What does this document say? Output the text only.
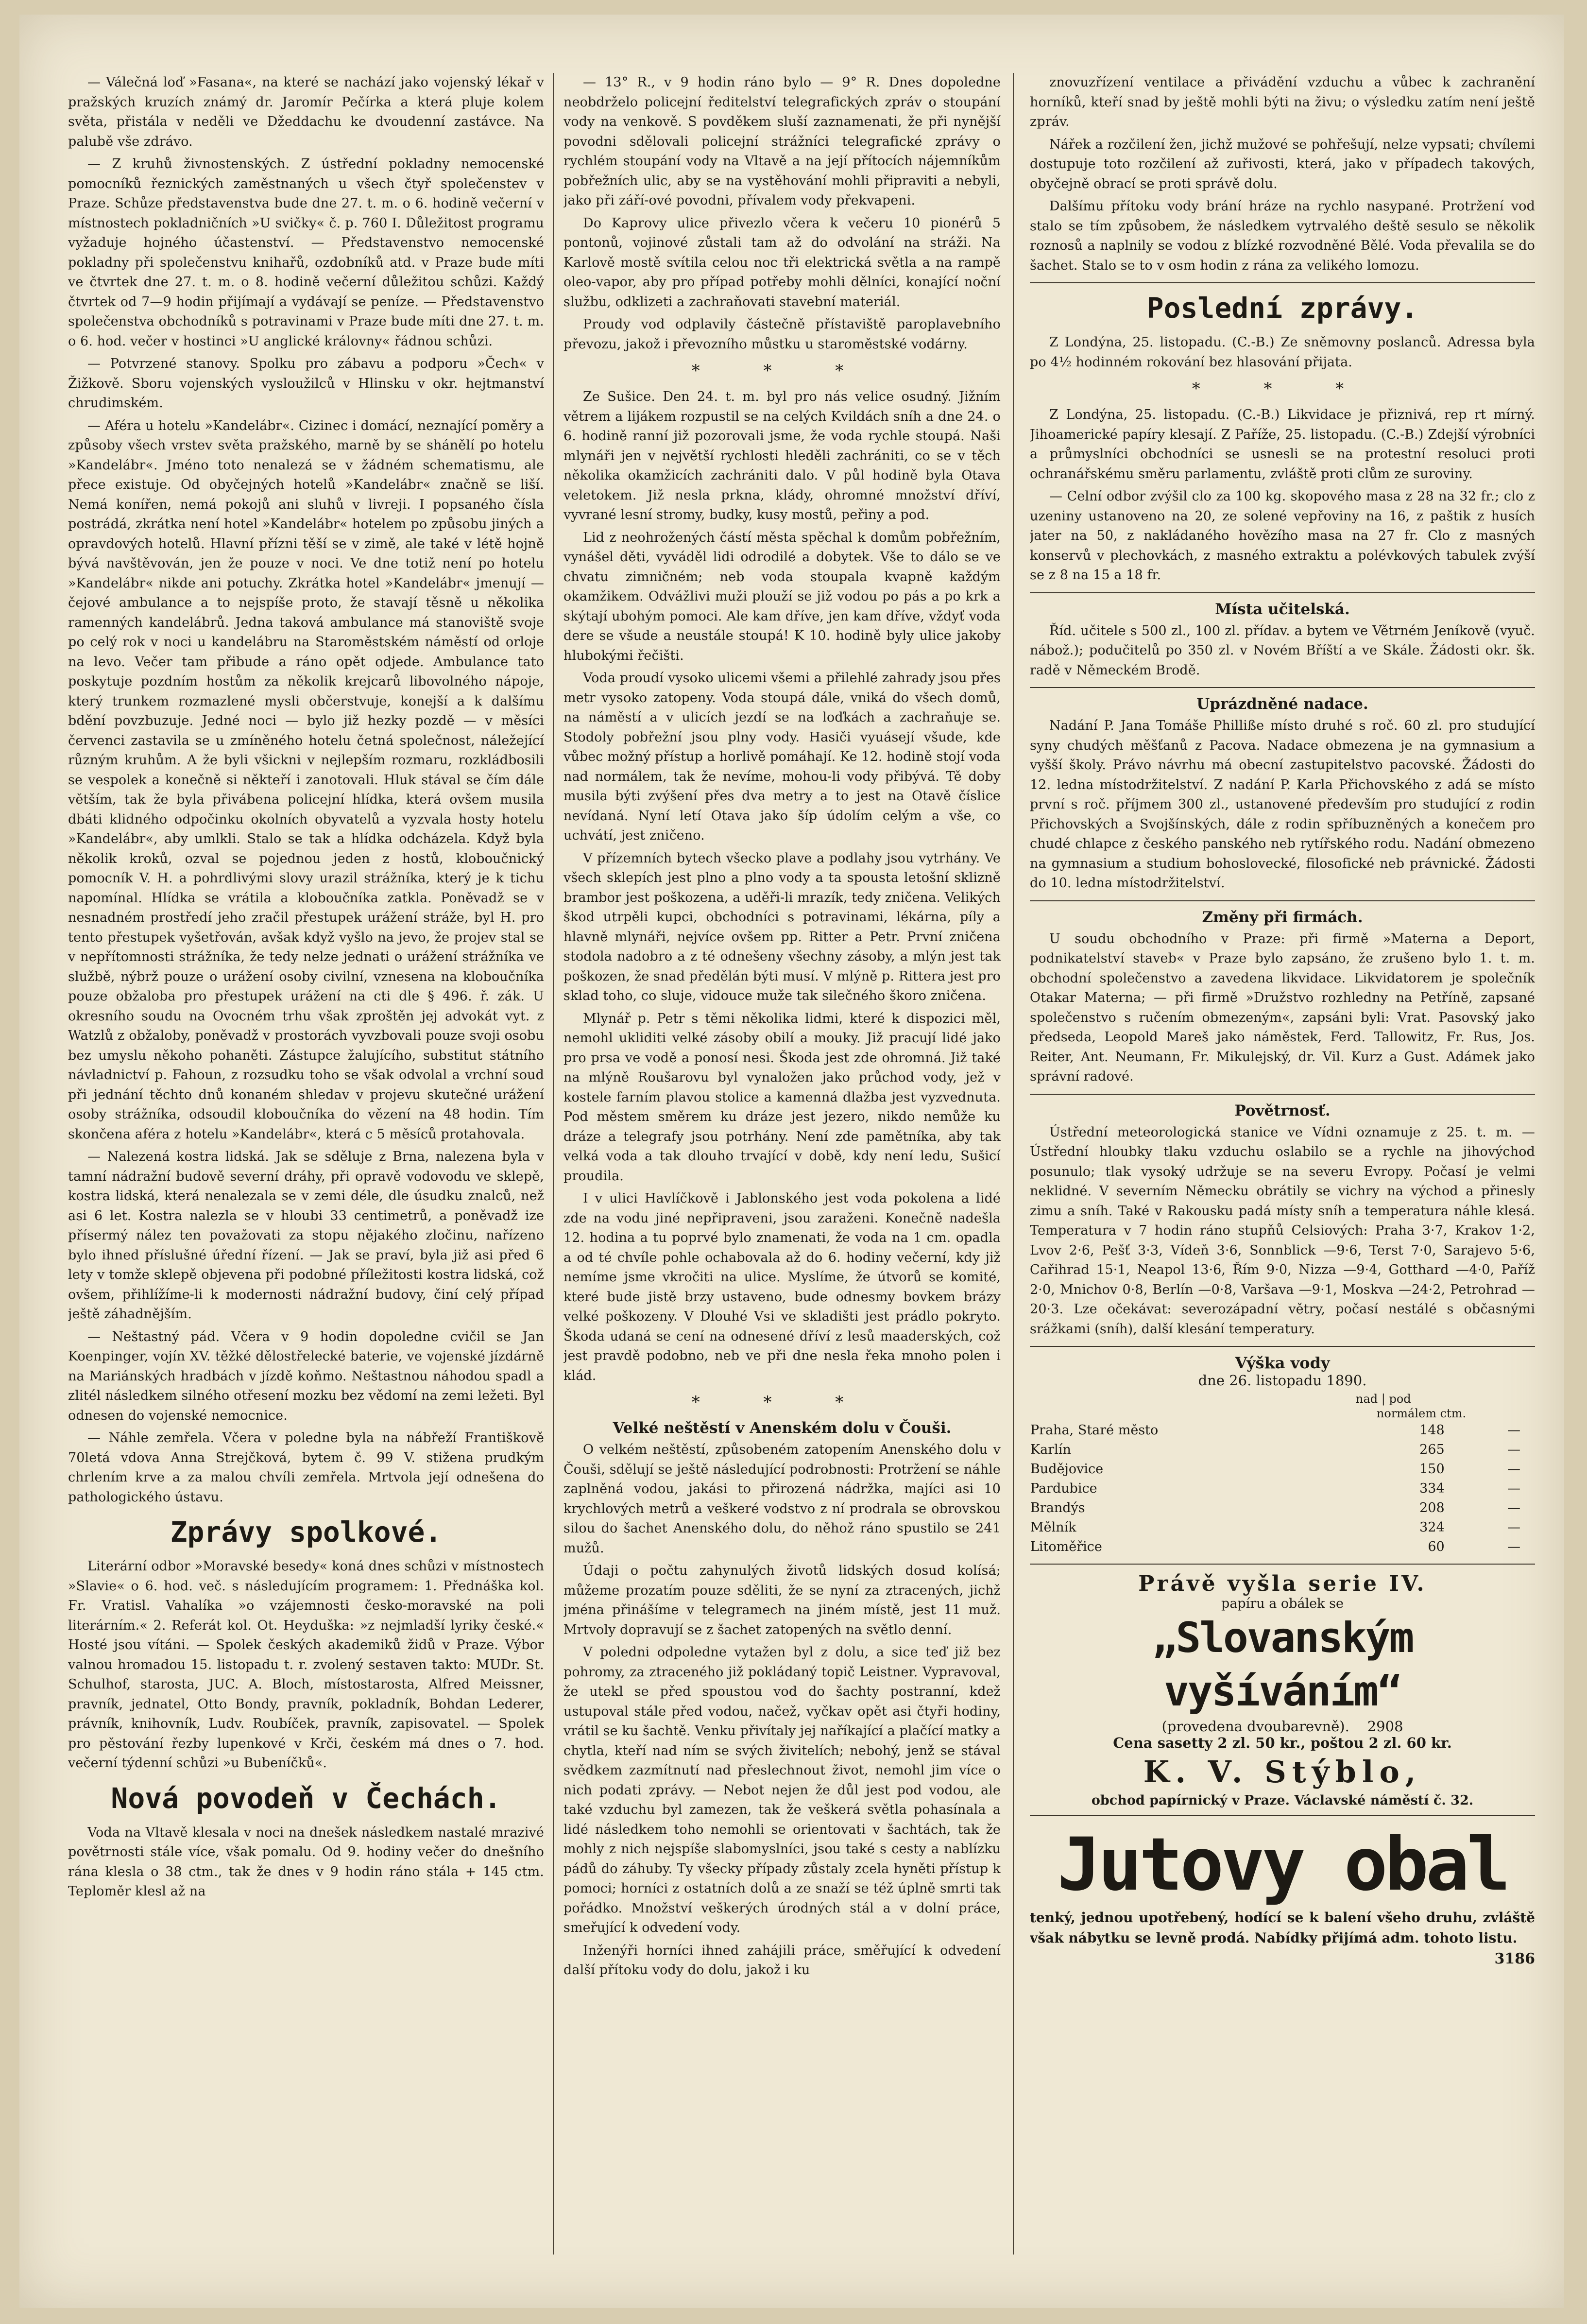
— Válečná loď »Fasana«, na které se nachází jako vojenský lékař v pražských kruzích známý dr. Jaromír Pečírka a která pluje kolem světa, přistála v neděli ve Džeddachu ke dvoudenní zastávce. Na palubě vše zdrávo.

— Z kruhů živnostenských. Z ústřední pokladny nemocenské pomocníků řeznických zaměstnaných u všech čtyř společenstev v Praze. Schůze představenstva bude dne 27. t. m. o 6. hodině večerní v místnostech pokladničních »U svičky« č. p. 760 I. Důležitost programu vyžaduje hojného účastenství. — Představenstvo nemocenské pokladny při společenstvu knihařů, ozdobníků atd. v Praze bude míti ve čtvrtek dne 27. t. m. o 8. hodině večerní důležitou schůzi. Každý čtvrtek od 7—9 hodin přijímají a vydávají se peníze. — Představenstvo společenstva obchodníků s potravinami v Praze bude míti dne 27. t. m. o 6. hod. večer v hostinci »U anglické královny« řádnou schůzi.

— Potvrzené stanovy. Spolku pro zábavu a podporu »Čech« v Žižkově. Sboru vojenských vysloužilců v Hlinsku v okr. hejtmanství chrudimském.

— Aféra u hotelu »Kandelábr«. Cizinec i domácí, neznající poměry a způsoby všech vrstev světa pražského, marně by se shánělí po hotelu »Kandelábr«. Jméno toto nenalezá se v žádném schematismu, ale přece existuje. Od obyčejných hotelů »Kandelábr« značně se liší. Nemá konířen, nemá pokojů ani sluhů v livreji. I popsaného čísla postrádá, zkrátka není hotel »Kandelábr« hotelem po způsobu jiných a opravdových hotelů. Hlavní přízni těší se v zimě, ale také v létě hojně bývá navštěvován, jen že pouze v noci. Ve dne totiž není po hotelu »Kandelábr« nikde ani potuchy. Zkrátka hotel »Kandelábr« jmenují — čejové ambulance a to nejspíše proto, že stavají těsně u několika ramenných kandelábrů. Jedna taková ambulance má stanoviště svoje po celý rok v noci u kandelábru na Staroměstském náměstí od orloje na levo. Večer tam přibude a ráno opět odjede. Ambulance tato poskytuje pozdním hostům za několik krejcarů libovolného nápoje, který trunkem rozmazlené mysli občerstvuje, konejší a k dalšímu bdění povzbuzuje. Jedné noci — bylo již hezky pozdě — v měsíci červenci zastavila se u zmíněného hotelu četná společnost, náležející různým kruhům. A že byli všickni v nejlepším rozmaru, rozkládbosili se vespolek a konečně si někteří i zanotovali. Hluk stával se čím dále větším, tak že byla přivábena policejní hlídka, která ovšem musila dbáti klidného odpočinku okolních obyvatelů a vyzvala hosty hotelu »Kandelábr«, aby umlkli. Stalo se tak a hlídka odcházela. Když byla několik kroků, ozval se pojednou jeden z hostů, kloboučnický pomocník V. H. a pohrdlivými slovy urazil strážníka, který je k tichu napomínal. Hlídka se vrátila a kloboučníka zatkla. Poněvadž se v nesnadném prostředí jeho zračil přestupek urážení stráže, byl H. pro tento přestupek vyšetřován, avšak když vyšlo na jevo, že projev stal se v nepřítomnosti strážníka, že tedy nelze jednati o urážení strážníka ve službě, nýbrž pouze o urážení osoby civilní, vznesena na kloboučníka pouze obžaloba pro přestupek urážení na cti dle § 496. ř. zák. U okresního soudu na Ovocném trhu však zproštěn jej advokát vyt. z Watzlů z obžaloby, poněvadž v prostorách vyvzbovali pouze svoji osobu bez umyslu někoho pohaněti. Zástupce žalujícího, substitut státního návladnictví p. Fahoun, z rozsudku toho se však odvolal a vrchní soud při jednání těchto dnů konaném shledav v projevu skutečné urážení osoby strážníka, odsoudil kloboučníka do vězení na 48 hodin. Tím skončena aféra z hotelu »Kandelábr«, která c 5 měsíců protahovala.

— Nalezená kostra lidská. Jak se sděluje z Brna, nalezena byla v tamní nádražní budově severní dráhy, při opravě vodovodu ve sklepě, kostra lidská, která nenalezala se v zemi déle, dle úsudku znalců, než asi 6 let. Kostra nalezla se v hloubi 33 centimetrů, a poněvadž ize přísermý nález ten považovati za stopu nějakého zločinu, nařízeno bylo ihned příslušné úřední řízení. — Jak se praví, byla již asi před 6 lety v tomže sklepě objevena při podobné příležitosti kostra lidská, což ovšem, přihlížíme-li k modernosti nádražní budovy, činí celý případ ještě záhadnějším.

— Neštastný pád. Včera v 9 hodin dopoledne cvičil se Jan Koenpinger, vojín XV. těžké dělostřelecké baterie, ve vojenské jízdárně na Mariánských hradbách v jízdě koňmo. Neštastnou náhodou spadl a zlitél následkem silného otřesení mozku bez vědomí na zemi ležeti. Byl odnesen do vojenské nemocnice.

— Náhle zemřela. Včera v poledne byla na nábřeží Františkově 70letá vdova Anna Strejčková, bytem č. 99 V. stižena prudkým chrlením krve a za malou chvíli zemřela. Mrtvola její odnešena do pathologického ústavu.

Zprávy spolkové.

Literární odbor »Moravské besedy« koná dnes schůzi v místnostech »Slavie« o 6. hod. več. s následujícím programem: 1. Přednáška kol. Fr. Vratisl. Vahalíka »o vzájemnosti česko-moravské na poli literárním.« 2. Referát kol. Ot. Heyduška: »z nejmladší lyriky české.« Hosté jsou vítáni. — Spolek českých akademiků židů v Praze. Výbor valnou hromadou 15. listopadu t. r. zvolený sestaven takto: MUDr. St. Schulhof, starosta, JUC. A. Bloch, místostarosta, Alfred Meissner, pravník, jednatel, Otto Bondy, pravník, pokladník, Bohdan Lederer, právník, knihovník, Ludv. Roubíček, pravník, zapisovatel. — Spolek pro pěstování řezby lupenkové v Krči, českém má dnes o 7. hod. večerní týdenní schůzi »u Bubeníčků«.

Nová povodeň v Čechách.

Voda na Vltavě klesala v noci na dnešek následkem nastalé mrazivé povětrnosti stále více, však pomalu. Od 9. hodiny večer do dnešního rána klesla o 38 ctm., tak že dnes v 9 hodin ráno stála + 145 ctm. Teploměr klesl až na

— 13° R., v 9 hodin ráno bylo — 9° R. Dnes dopoledne neobdrželo policejní ředitelství telegrafických zpráv o stoupání vody na venkově. S povděkem sluší zaznamenati, že při nynější povodni sdělovali policejní strážníci telegrafické zprávy o rychlém stoupání vody na Vltavě a na její přítocích nájemníkům pobřežních ulic, aby se na vystěhování mohli připraviti a nebyli, jako při září-ové povodni, přívalem vody překvapeni.

Do Kaprovy ulice přivezlo včera k večeru 10 pionérů 5 pontonů, vojinové zůstali tam až do odvolání na stráži. Na Karlově mostě svítila celou noc tři elektrická světla a na rampě oleo-vapor, aby pro případ potřeby mohli dělníci, konající noční službu, odklizeti a zachraňovati stavební materiál.

Proudy vod odplavily částečně přístaviště paroplavebního převozu, jakož i převozního můstku u staroměstské vodárny.

* * *

Ze Sušice. Den 24. t. m. byl pro nás velice osudný. Jižním větrem a lijákem rozpustil se na celých Kvildách sníh a dne 24. o 6. hodině ranní již pozorovali jsme, že voda rychle stoupá. Naši mlynáři jen v největší rychlosti hleděli zachrániti, co se v těch několika okamžicích zachrániti dalo. V půl hodině byla Otava veletokem. Již nesla prkna, klády, ohromné množství dříví, vyvrané lesní stromy, budky, kusy mostů, peřiny a pod.

Lid z neohrožených částí města spěchal k domům pobřežním, vynášel děti, vyváděl lidi odrodilé a dobytek. Vše to dálo se ve chvatu zimničném; neb voda stoupala kvapně každým okamžikem. Odvážlivi muži plouží se již vodou po pás a po krk a skýtají ubohým pomoci. Ale kam dříve, jen kam dříve, vždyť voda dere se všude a neustále stoupá! K 10. hodině byly ulice jakoby hlubokými řečišti.

Voda proudí vysoko ulicemi všemi a přilehlé zahrady jsou přes metr vysoko zatopeny. Voda stoupá dále, vniká do všech domů, na náměstí a v ulicích jezdí se na loďkách a zachraňuje se. Stodoly pobřežní jsou plny vody. Hasiči vyuásejí všude, kde vůbec možný přístup a horlivě pomáhají. Ke 12. hodině stojí voda nad normálem, tak že nevíme, mohou-li vody přibývá. Tě doby musila býti zvýšení přes dva metry a to jest na Otavě číslice nevídaná. Nyní letí Otava jako šíp údolím celým a vše, co uchvátí, jest zničeno.

V přízemních bytech všecko plave a podlahy jsou vytrhány. Ve všech sklepích jest plno a plno vody a ta spousta letošní sklizně brambor jest poškozena, a uděři-li mrazík, tedy zničena. Velikých škod utrpěli kupci, obchodníci s potravinami, lékárna, píly a hlavně mlynáři, nejvíce ovšem pp. Ritter a Petr. První zničena stodola nadobro a z té odnešeny všechny zásoby, a mlýn jest tak poškozen, že snad předělán býti musí. V mlýně p. Rittera jest pro sklad toho, co sluje, vidouce muže tak silečného škoro zničena.

Mlynář p. Petr s těmi několika lidmi, které k dispozici měl, nemohl ukliditi velké zásoby obilí a mouky. Již pracují lidé jako pro prsa ve vodě a ponosí nesi. Škoda jest zde ohromná. Již také na mlýně Roušarovu byl vynaložen jako průchod vody, jež v kostele farním plavou stolice a kamenná dlažba jest vyzvednuta. Pod městem směrem ku dráze jest jezero, nikdo nemůže ku dráze a telegrafy jsou potrhány. Není zde pamětníka, aby tak velká voda a tak dlouho trvající v době, kdy není ledu, Sušicí proudila.

I v ulici Havlíčkově i Jablonského jest voda pokolena a lidé zde na vodu jiné nepřipraveni, jsou zaraženi. Konečně nadešla 12. hodina a tu poprvé bylo znamenati, že voda na 1 cm. opadla a od té chvíle pohle ochabovala až do 6. hodiny večerní, kdy již nemíme jsme vkročiti na ulice. Myslíme, že útvorů se komité, které bude jistě brzy ustaveno, bude odnesmy bovkem brázy velké poškozeny. V Dlouhé Vsi ve skladišti jest prádlo pokryto. Škoda udaná se cení na odnesené dříví z lesů maaderských, což jest pravdě podobno, neb ve při dne nesla řeka mnoho polen i klád.

* * *
Velké neštěstí v Anenském dolu v Čouši.

O velkém neštěstí, způsobeném zatopením Anenského dolu v Čouši, sdělují se ještě následující podrobnosti: Protržení se náhle zaplněná vodou, jakási to přirozená nádržka, majíci asi 10 krychlových metrů a veškeré vodstvo z ní prodrala se obrovskou silou do šachet Anenského dolu, do něhož ráno spustilo se 241 mužů.

Údaji o počtu zahynulých životů lidských dosud kolísá; můžeme prozatím pouze sděliti, že se nyní za ztracených, jichž jména přinášíme v telegramech na jiném místě, jest 11 muž. Mrtvoly dopravují se z šachet zatopených na světlo denní.

V poledni odpoledne vytažen byl z dolu, a sice teď již bez pohromy, za ztraceného již pokládaný topič Leistner. Vypravoval, že utekl se před spoustou vod do šachty postranní, kdež ustupoval stále před vodou, načež, vyčkav opět asi čtyři hodiny, vrátil se ku šachtě. Venku přivítaly jej naříkající a plačící matky a chytla, kteří nad ním se svých živitelích; nebohý, jenž se stával svědkem zazmítnutí nad přeslechnout život, nemohl jim více o nich podati zprávy. — Nebot nejen že důl jest pod vodou, ale také vzduchu byl zamezen, tak že veškerá světla pohasínala a lidé následkem toho nemohli se orientovati v šachtách, tak že mohly z nich nejspíše slabomyslníci, jsou také s cesty a nablízku pádů do záhuby. Ty všecky případy zůstaly zcela hyněti přístup k pomoci; horníci z ostatních dolů a ze snaží se též úplně smrti tak pořádko. Množství veškerých úrodných stál a v dolní práce, smeřující k odvedení vody.

Inženýři horníci ihned zahájili práce, směřující k odvedení další přítoku vody do dolu, jakož i ku

znovuzřízení ventilace a přivádění vzduchu a vůbec k zachranění horníků, kteří snad by ještě mohli býti na živu; o výsledku zatím není ještě zpráv.

Nářek a rozčilení žen, jichž mužové se pohřešují, nelze vypsati; chvílemi dostupuje toto rozčilení až zuřivosti, která, jako v případech takových, obyčejně obrací se proti správě dolu.

Dalšímu přítoku vody brání hráze na rychlo nasypané. Protržení vod stalo se tím způsobem, že následkem vytrvalého deště sesulo se několik roznosů a naplnily se vodou z blízké rozvodněné Bělé. Voda převalila se do šachet. Stalo se to v osm hodin z rána za velikého lomozu.

Poslední zprávy.

Z Londýna, 25. listopadu. (C.-B.) Ze sněmovny poslanců. Adressa byla po 4½ hodinném rokování bez hlasování přijata.

* * *

Z Londýna, 25. listopadu. (C.-B.) Likvidace je přiznivá, rep rt mírný. Jihoamerické papíry klesají. Z Paříže, 25. listopadu. (C.-B.) Zdejší výrobníci a průmyslníci obchodníci se usnesli se na protestní resoluci proti ochranářskému směru parlamentu, zvláště proti clům ze suroviny.

— Celní odbor zvýšil clo za 100 kg. skopového masa z 28 na 32 fr.; clo z uzeniny ustanoveno na 20, ze solené vepřoviny na 16, z paštik z husích jater na 50, z nakládaného hovězího masa na 27 fr. Clo z masných konservů v plechovkách, z masného extraktu a polévkových tabulek zvýší se z 8 na 15 a 18 fr.

Místa učitelská.

Říd. učitele s 500 zl., 100 zl. přídav. a bytem ve Větrném Jeníkově (vyuč. nábož.); podučitelů po 350 zl. v Novém Bříští a ve Skále. Žádosti okr. šk. radě v Německém Brodě.

Uprázdněné nadace.

Nadání P. Jana Tomáše Philliße místo druhé s roč. 60 zl. pro studující syny chudých měšťanů z Pacova. Nadace obmezena je na gymnasium a vyšší školy. Právo návrhu má obecní zastupitelstvo pacovské. Žádosti do 12. ledna místodržitelství. Z nadání P. Karla Přichovského z adá se místo první s roč. příjmem 300 zl., ustanovené především pro studující z rodin Přichovských a Svojšínských, dále z rodin spříbuzněných a konečem pro chudé chlapce z českého panského neb rytířského rodu. Nadání obmezeno na gymnasium a studium bohoslovecké, filosofické neb právnické. Žádosti do 10. ledna místodržitelství.

Změny při firmách.

U soudu obchodního v Praze: při firmě »Materna a Deport, podnikatelství staveb« v Praze bylo zapsáno, že zrušeno bylo 1. t. m. obchodní společenstvo a zavedena likvidace. Likvidatorem je společník Otakar Materna; — při firmě »Družstvo rozhledny na Petříně, zapsané společenstvo s ručením obmezeným«, zapsáni byli: Vrat. Pasovský jako předseda, Leopold Mareš jako náměstek, Ferd. Tallowitz, Fr. Rus, Jos. Reiter, Ant. Neumann, Fr. Mikulejský, dr. Vil. Kurz a Gust. Adámek jako správní radové.

Povětrnosť.

Ústřední meteorologická stanice ve Vídni oznamuje z 25. t. m. — Ústřední hloubky tlaku vzduchu oslabilo se a rychle na jihovýchod posunulo; tlak vysoký udržuje se na severu Evropy. Počasí je velmi neklidné. V severním Německu obrátily se vichry na východ a přinesly zimu a sníh. Také v Rakousku padá místy sníh a temperatura náhle klesá. Temperatura v 7 hodin ráno stupňů Celsiových: Praha 3·7, Krakov 1·2, Lvov 2·6, Pešť 3·3, Vídeň 3·6, Sonnblick —9·6, Terst 7·0, Sarajevo 5·6, Cařihrad 15·1, Neapol 13·6, Řím 9·0, Nizza —9·4, Gotthard —4·0, Paříž 2·0, Mnichov 0·8, Berlín —0·8, Varšava —9·1, Moskva —24·2, Petrohrad —20·3. Lze očekávat: severozápadní větry, počasí nestálé s občasnými srážkami (sníh), další klesání temperatury.

Výška vody
dne 26. listopadu 1890.
	nad | pod	
	normálem ctm.	
Praha, Staré město	148	—
Karlín	265	—
Budějovice	150	—
Pardubice	334	—
Brandýs	208	—
Mělník	324	—
Litoměřice	60	—
Právě vyšla serie IV.
papíru a obálek se
„Slovanským vyšíváním“
(provedena dvoubarevně). 2908
Cena sasetty 2 zl. 50 kr., poštou 2 zl. 60 kr.
K. V. Stýblo,
obchod papírnický v Praze. Václavské náměstí č. 32.
Jutovy obal
tenký, jednou upotřebený, hodící se k balení všeho druhu, zvláště však nábytku se levně prodá. Nabídky přijímá adm. tohoto listu.
3186
